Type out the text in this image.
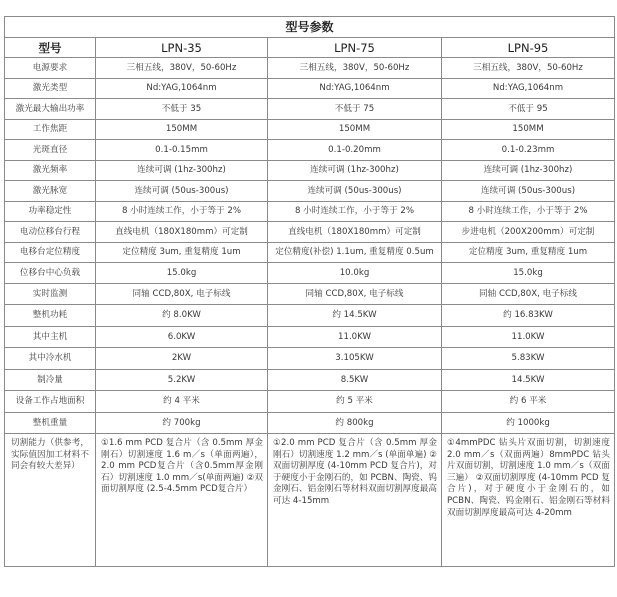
型号参数			
型号	LPN-35	LPN-75	LPN-95
电源要求	三相五线，380V，50-60Hz	三相五线，380V，50-60Hz	三相五线，380V，50-60Hz
激光类型	Nd:YAG,1064nm	Nd:YAG,1064nm	Nd:YAG,1064nm
激光最大输出功率	不低于 35	不低于 75	不低于 95
工作焦距	150MM	150MM	150MM
光斑直径	0.1-0.15mm	0.1-0.20mm	0.1-0.23mm
激光频率	连续可调 (1hz-300hz)	连续可调 (1hz-300hz)	连续可调 (1hz-300hz)
激光脉宽	连续可调 (50us-300us)	连续可调 (50us-300us)	连续可调 (50us-300us)
功率稳定性	8 小时连续工作，小于等于 2%	8 小时连续工作，小于等于 2%	8 小时连续工作，小于等于 2%
电动位移台行程	直线电机（180X180mm）可定制	直线电机（180X180mm）可定制	步进电机（200X200mm）可定制
电移台定位精度	定位精度 3um, 重复精度 1um	定位精度(补偿) 1.1um, 重复精度 0.5um	定位精度 3um, 重复精度 1um
位移台中心负载	15.0kg	10.0kg	15.0kg
实时监测	同轴 CCD,80X, 电子标线	同轴 CCD,80X, 电子标线	同轴 CCD,80X, 电子标线
整机功耗	约 8.0KW	约 14.5KW	约 16.83KW
其中主机	6.0KW	11.0KW	11.0KW
其中冷水机	2KW	3.105KW	5.83KW
制冷量	5.2KW	8.5KW	14.5KW
设备工作占地面积	约 4 平米	约 5 平米	约 6 平米
整机重量	约 700kg	约 800kg	约 1000kg
切割能力（供参考，实际值因加工材料不同会有较大差异）	①1.6 mm PCD 复合片（含 0.5mm 厚金刚石）切割速度 1.6 m／s（单面两遍），2.0 mm PCD复合片（含0.5mm厚金刚石）切割速度 1.0 mm／s(单面两遍) ②双面切割厚度 (2.5-4.5mm PCD复合片）	①2.0 mm PCD 复合片（含 0.5mm 厚金刚石）切割速度 1.2 mm／s (单面单遍) ②双面切割厚度 (4-10mm PCD 复合片)，对于硬度小于金刚石的，如 PCBN、陶瓷、钨金刚石、铝金刚石等材料双面切割厚度最高可达 4-15mm	①4mmPDC 钻头片双面切割，切割速度 2.0 mm／s（双面两遍）8mmPDC 钻头片双面切割，切割速度 1.0 mm／s（双面三遍） ②双面切割厚度 (4-10mm PCD 复合片)，对于硬度小于金刚石的，如 PCBN、陶瓷、钨金刚石、铝金刚石等材料双面切割厚度最高可达 4-20mm
